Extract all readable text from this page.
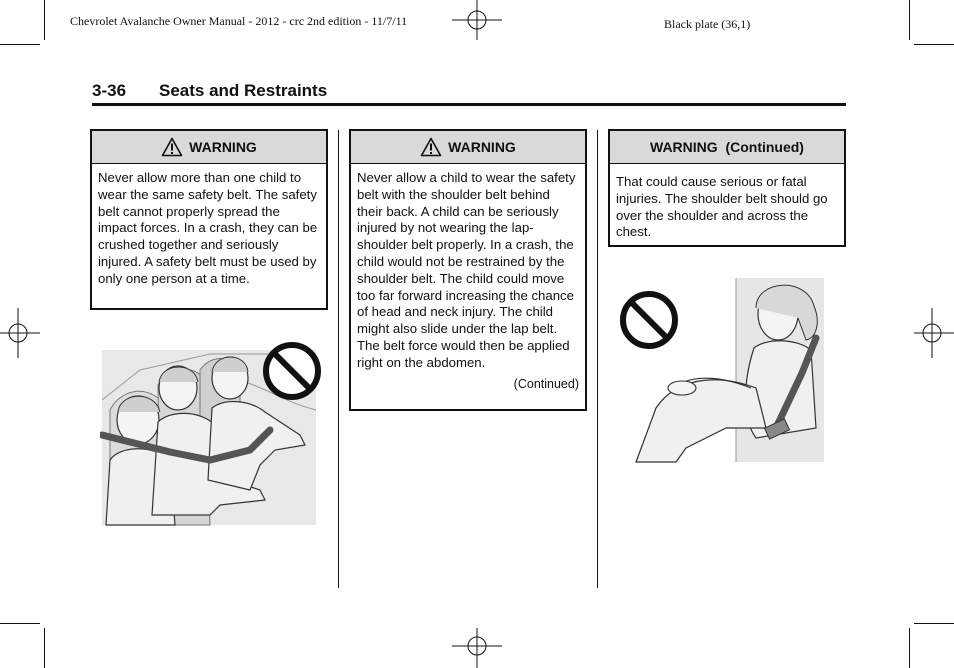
Chevrolet Avalanche Owner Manual - 2012 - crc 2nd edition - 11/7/11	Black plate (36,1)
3-36 Seats and Restraints
WARNING
Never allow more than one child to wear the same safety belt. The safety belt cannot properly spread the impact forces. In a crash, they can be crushed together and seriously injured. A safety belt must be used by only one person at a time.
WARNING
Never allow a child to wear the safety belt with the shoulder belt behind their back. A child can be seriously injured by not wearing the lap-shoulder belt properly. In a crash, the child would not be restrained by the shoulder belt. The child could move too far forward increasing the chance of head and neck injury. The child might also slide under the lap belt. The belt force would then be applied right on the abdomen.
(Continued)
WARNING  (Continued)
That could cause serious or fatal injuries. The shoulder belt should go over the shoulder and across the chest.
